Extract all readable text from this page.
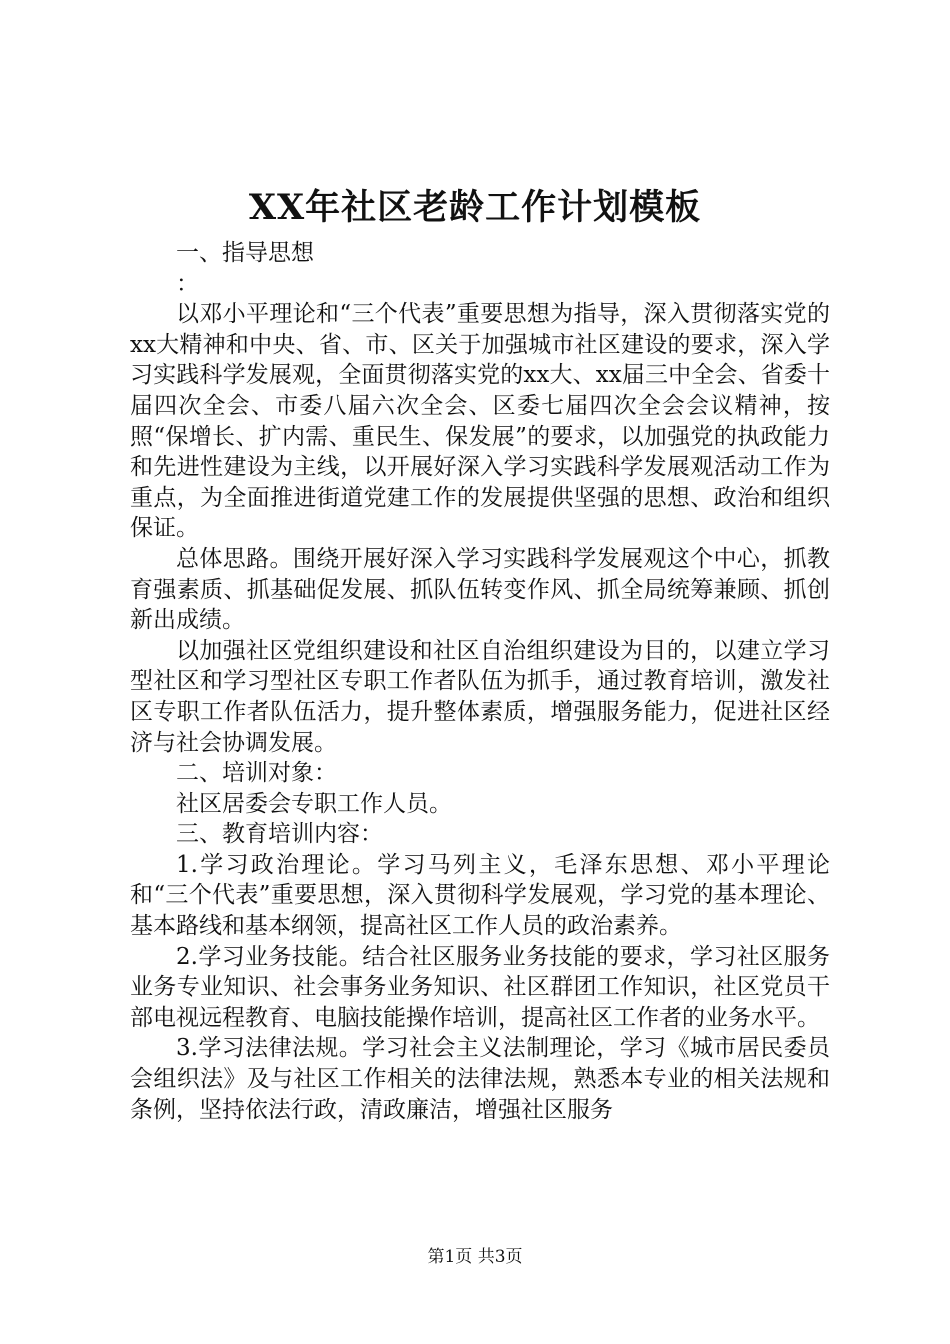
XX年社区老龄工作计划模板

一、指导思想

：

以邓小平理论和“三个代表”重要思想为指导，深入贯彻落实党的xx大精神和中央、省、市、区关于加强城市社区建设的要求，深入学习实践科学发展观，全面贯彻落实党的xx大、xx届三中全会、省委十届四次全会、市委八届六次全会、区委七届四次全会会议精神，按照“保增长、扩内需、重民生、保发展”的要求，以加强党的执政能力和先进性建设为主线，以开展好深入学习实践科学发展观活动工作为重点，为全面推进街道党建工作的发展提供坚强的思想、政治和组织保证。

总体思路。围绕开展好深入学习实践科学发展观这个中心，抓教育强素质、抓基础促发展、抓队伍转变作风、抓全局统筹兼顾、抓创新出成绩。

以加强社区党组织建设和社区自治组织建设为目的，以建立学习型社区和学习型社区专职工作者队伍为抓手，通过教育培训，激发社区专职工作者队伍活力，提升整体素质，增强服务能力，促进社区经济与社会协调发展。

二、培训对象：

社区居委会专职工作人员。

三、教育培训内容：

1.学习政治理论。学习马列主义，毛泽东思想、邓小平理论和“三个代表”重要思想，深入贯彻科学发展观，学习党的基本理论、基本路线和基本纲领，提高社区工作人员的政治素养。

2.学习业务技能。结合社区服务业务技能的要求，学习社区服务业务专业知识、社会事务业务知识、社区群团工作知识，社区党员干部电视远程教育、电脑技能操作培训，提高社区工作者的业务水平。

3.学习法律法规。学习社会主义法制理论，学习《城市居民委员会组织法》及与社区工作相关的法律法规，熟悉本专业的相关法规和条例，坚持依法行政，清政廉洁，增强社区服务

第1页 共3页
